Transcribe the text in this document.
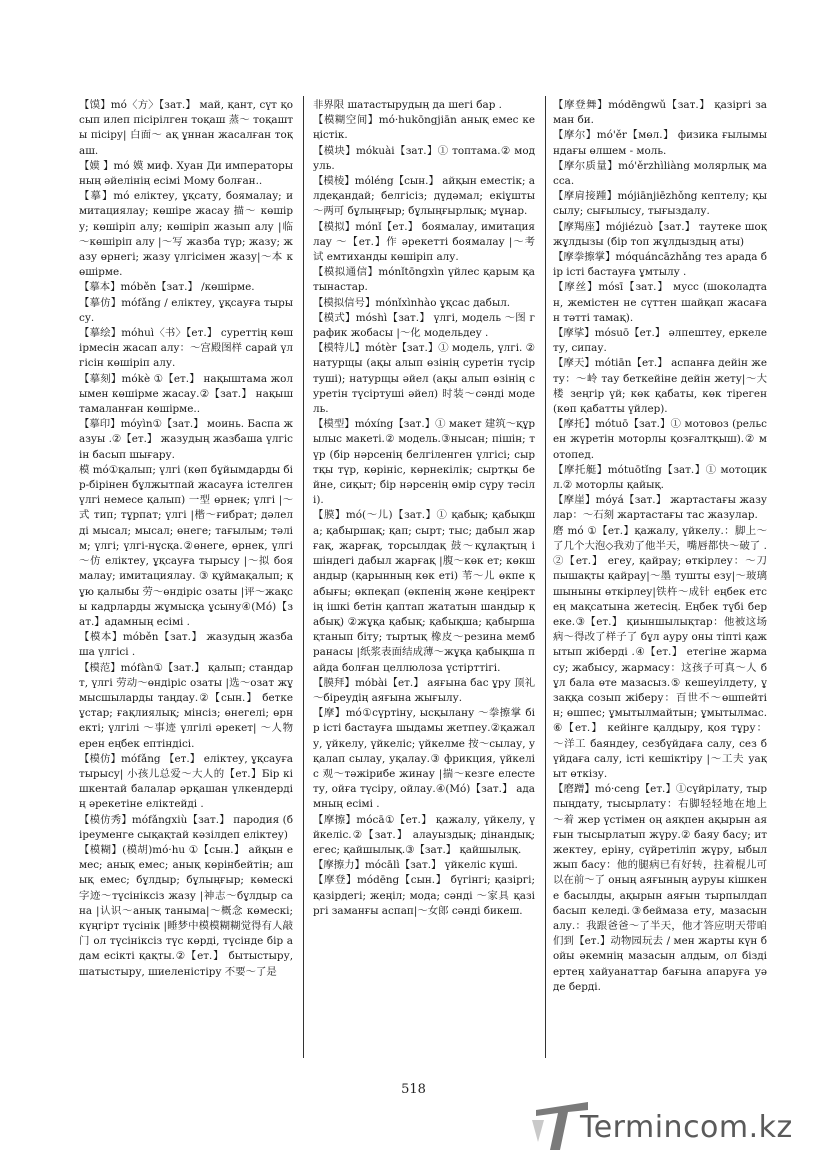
【馍】mó〈方〉【зат.】 май, қант, сүт қосып илеп пісірілген тоқаш 蒸～ тоқашты пісіру| 白面～ ақ ұннан жасалған тоқаш.

【嫫 】mó 嫫 миф. Хуан Ди императорының әйелінің есімі Мому болған..

【摹】mó еліктеу, ұқсату, боямалау; имитациялау; көшіре жасау 描～ көшіру; көшіріп алу; көшіріп жазып алу |临～көшіріп алу |～写 жазба түр; жазу; жазу өрнегі; жазу үлгісімен жазу|～本 көшірме.

【摹本】móběn【зат.】 /көшірме.

【摹仿】mófǎng / еліктеу, ұқсауға тырысу.

【摹绘】móhuì〈书〉【ет.】 суреттің көшірмесін жасап алу：～宫殿图样 сарай үлгісін көшіріп алу.

【摹刻】mókè ①【ет.】 нақыштама жолымен көшірме жасау.②【зат.】 нақыштамаланған көшірме..

【摹印】móyìn①【зат.】 моинь. Баспа жазуы .②【ет.】 жазудың жазбаша үлгісін басып шығару.

模 mó①қалып; үлгі (көп бұйымдарды бір-бірінен бұлжытпай жасауға істелген үлгі немесе қалып) 一型 өрнек; үлгі |～式 тип; тұрпат; үлгі |楷～ғибрат; дәлелді мысал; мысал; өнеге; тағылым; тәлім; үлгі; үлгі-нұсқа.②өнеге, өрнек, үлгі ～仿 еліктеу, ұқсауға тырысу |～拟 боямалау; имитациялау. ③ құймақалып; құю қалыбы 劳～өндіріс озаты |评～жақсы кадрларды жұмысқа ұсыну④(Мó)【зат.】адамның есімі .

【模本】móběn【зат.】 жазудың жазбаша үлгісі .

【模范】mófàn①【зат.】 қалып; стандарт, үлгі 劳动～өндіріс озаты |选～озат жұмысшыларды таңдау.②【сын.】 бетке ұстар; ғақлиялық; мінсіз; өнегелі; өрнекті; үлгілі ～事迹 үлгілі әрекет| ～人物 ерен еңбек ептіндісі.

【模仿】mófǎng 【ет.】 еліктеу, ұқсауға тырысу| 小孩儿总爱～大人的【ет.】Бір кішкентай балалар әрқашан үлкендердің әрекетіне еліктейді .

【模仿秀】mófǎngxiù【зат.】 пародия (біреуменге сықақтай кәзілдеп еліктеу)

【模糊】(模胡)mó·hu ①【сын.】 айқын емес; анық емес; анық көрінбейтін; ашық емес; бұлдыр; бұлыңғыр; көмескі 字迹～түсініксіз жазу |神志～бұлдыр сана |认识～анық таныма|～概念 көмескі; күңгірт түсінік |睡梦中模模糊糊觉得有人敲门 ол түсініксіз түс көрді, түсінде бір адам есікті қақты.②【ет.】 бытыстыру, шатыстыру, шиеленістіру 不要～了是

非界限 шатастырудың да шегі бар .

【模糊空间】mó·hukōngjiān анық емес кеңістік.

【模块】mókuài【зат.】① топтама.② модуль.

【模棱】móléng【сын.】 айқын еместік; алдеқандай; белгісіз; дүдәмал; екіұшты ～两可 бұлыңғыр; бұлыңғырлық; мұнар.

【模拟】mónǐ【ет.】 боямалау, имитациялау ～【ет.】作 әрекетті боямалау |～考试 емтиханды көшіріп алу.

【模拟通信】mónǐtōngxìn үйлес қарым қатынастар.

【模拟信号】mónǐxìnhào ұқсас дабыл.

【模式】móshì【зат.】 үлгі, модель ～图 график жобасы |～化 модельдеу .

【模特儿】mótèr【зат.】① модель, үлгі. ② натурщы (ақы алып өзінің суретін түсіртуші); натурщы әйел (ақы алып өзінің суретін түсіртуші әйел) 时装～сәнді модель.

【模型】móxíng【зат.】① макет 建筑～құрылыс макеті.② модель.③нысан; пішін; түр (бір нәрсенің белгіленген үлгісі; сыртқы түр, көрініс, көрнекілік; сыртқы бейне, сиқыт; бір нәрсенің өмір сүру тәсілі).

【膜】mó(～儿)【зат.】① қабық; қабықша; қабыршақ; қап; сырт; тыс; дабыл жарғақ, жарғақ, торсылдақ 鼓～құлақтың ішіндегі дабыл жарғақ |腹～көк ет; көкшандыр (қарынның көк еті) 苇～儿 өкпе қабығы; өкпеқап (өкпенің және кеңіректің ішкі бетін қаптап жататын шандыр қабық) ②жұқа қабық; қабықша; қабыршақтанып біту; тыртық 橡皮～резина мембранасы |纸浆表面结成薄～жұқа қабықша пайда болған целлюлоза үстірттігі.

【膜拜】móbài【ет.】 аяғына бас ұру 顶礼～біреудің аяғына жығылу.

【摩】mó①сүртіну, ысқылану ～拳擦掌 бір істі бастауға шыдамы жетпеу.②қажалу, үйкелу, үйкеліс; үйкелме 按～сылау, уқалап сылау, уқалау.③ фрикция, үйкеліс 观～тәжірибе жинау |揣～кезге елестету, ойға түсіру, ойлау.④(Mó)【зат.】 адамның есімі .

【摩擦】mócā①【ет.】 қажалу, үйкелу, үйкеліс.②【зат.】 алауыздық; дінандық; егес; қайшылық.③【зат.】 қайшылық.

【摩擦力】mócālì【зат.】 үйкеліс күші.

【摩登】módēng【сын.】 бүгінгі; қазіргі; қазірдегі; жеңіл; мода; сәнді ～家具 қазіргі заманғы аспап|～女郎 сәнді бикеш.

【摩登舞】módēngwǔ【зат.】 қазіргі заман би.

【摩尔】mó'ěr【мөл.】 физика ғылымындағы өлшем - моль.

【摩尔质量】mó'ěrzhìliàng молярлық масса.

【摩肩接踵】mójiānjiēzhǒng кептелу; қысылу; сығылысу, тығыздалу.

【摩羯座】mójiézuò【зат.】 таутеке шоқ жұлдызы (бір топ жұлдыздың аты)

【摩拳擦掌】móquáncāzhǎng тез арада бір істі бастауға ұмтылу .

【摩丝】mósī【зат.】 мусс (шоколадтан, жемістен не сүттен шайқап жасаған тәтті тамақ).

【摩挲】mósuō【ет.】 әлпештеу, еркелету, сипау.

【摩天】mótiān【ет.】 аспанға дейін жету：～岭 тау беткейіне дейін жету|～大楼 зеңгір үй; көк қабаты, көк тіреген (көп қабатты үйлер).

【摩托】mótuō【зат.】① мотовоз (рельсен жүретін моторлы қозғалтқыш).② мотопед.

【摩托艇】mótuōtǐng【зат.】① мотоцикл.② моторлы қайық.

【摩崖】móyá【зат.】 жартастағы жазулар：～石刻 жартастағы тас жазулар.

磨 mó ①【ет.】қажалу, үйкелу.：脚上～了几个大泡◇我劝了他半天，嘴唇都快～破了 .②【ет.】 егеу, қайрау; өткірлеу：～刀 пышақты қайрау|～墨 тушты езу|～玻璃 шыныны өткірлеу|铁杵～成针 еңбек етсең мақсатына жетесің. Еңбек түбі береке.③【ет.】 қиыншылықтар：他被这场病～得改了样子了 бұл ауру оны тіпті қажытып жіберді .④【ет.】 етегіне жармасу; жабысу, жармасу：这孩子可真～人 бұл бала өте мазасыз.⑤ кешеуілдету, ұзаққа созып жіберу：百世不～өшпейтін; өшпес; ұмытылмайтын; ұмытылмас.⑥【ет.】 кейінге қалдыру, қоя тұру：～洋工 баяндеу, сезбүйдаға салу, сез бүйдаға салу, істі кешіктіру |～工夫 уақыт өткізу.

【磨蹭】mó·ceng【ет.】①сүйрілату, тырпыңдату, тысырлату：右脚轻轻地在地上～着 жер үстімен оң аяқпен ақырын аяғын тысырлатып жүру.② баяу басу; итжектеу, еріну, сүйретіліп жүру, ыбылжып басу：他的腿病已有好转，拄着棍儿可以在前～了 оның аяғының ауруы кішкене басылды, ақырын аяғын тырпылдап басып келеді.③беймаза ету, мазасын алу.：我跟爸爸～了半天，他才答应明天带咱们到【ет.】动物园玩去 / мен жарты күн бойы әкемнің мазасын алдым, ол бізді ертең хайуанаттар бағына апаруға уәде берді.

518
Termincom.kz
